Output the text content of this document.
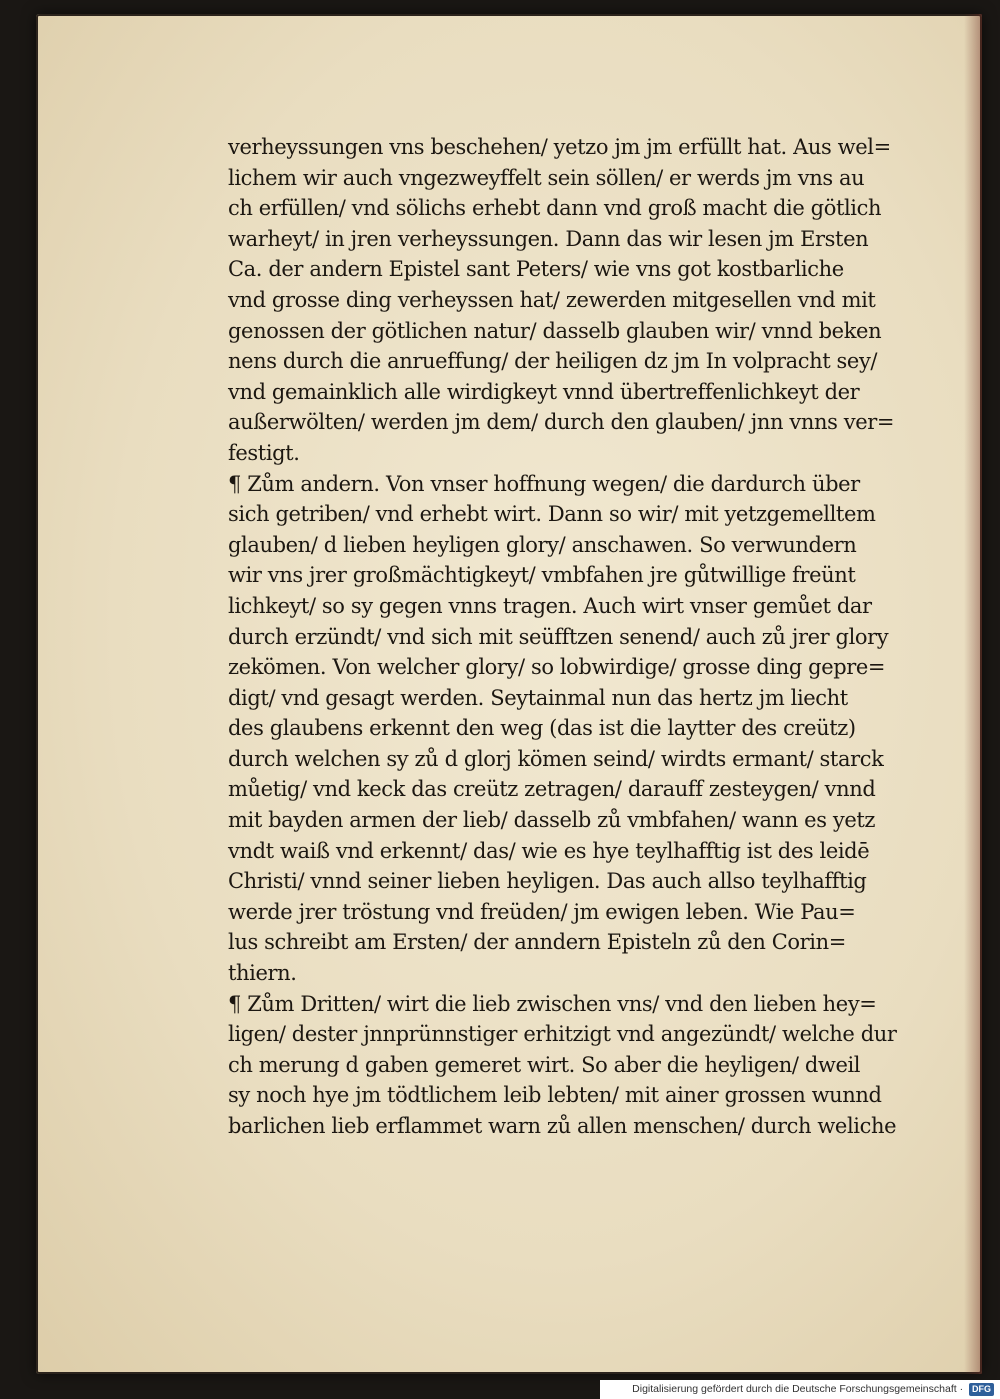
verheyssungen vns beschehen/ yetzo jm jm erfüllt hat. Aus wel=
lichem wir auch vngezweyffelt sein söllen/ er werds jm vns au
ch erfüllen/ vnd sölichs erhebt dann vnd groß macht die götlich
warheyt/ in jren verheyssungen. Dann das wir lesen jm Ersten
Ca. der andern Epistel sant Peters/ wie vns got kostbarliche
vnd grosse ding verheyssen hat/ zewerden mitgesellen vnd mit
genossen der götlichen natur/ dasselb glauben wir/ vnnd beken
nens durch die anrueffung/ der heiligen dz jm In volpracht sey/
vnd gemainklich alle wirdigkeyt vnnd übertreffenlichkeyt der
außerwölten/ werden jm dem/ durch den glauben/ jnn vnns ver=
festigt.
¶ Zům andern. Von vnser hoffnung wegen/ die dardurch über
sich getriben/ vnd erhebt wirt. Dann so wir/ mit yetzgemelltem
glauben/ d lieben heyligen glory/ anschawen. So verwundern
wir vns jrer großmächtigkeyt/ vmbfahen jre gůtwillige freünt
lichkeyt/ so sy gegen vnns tragen. Auch wirt vnser gemůet dar
durch erzündt/ vnd sich mit seüfftzen senend/ auch zů jrer glory
zekömen. Von welcher glory/ so lobwirdige/ grosse ding gepre=
digt/ vnd gesagt werden. Seytainmal nun das hertz jm liecht
des glaubens erkennt den weg (das ist die laytter des creütz)
durch welchen sy zů d glorj kömen seind/ wirdts ermant/ starck
můetig/ vnd keck das creütz zetragen/ darauff zesteygen/ vnnd
mit bayden armen der lieb/ dasselb zů vmbfahen/ wann es yetz
vndt waiß vnd erkennt/ das/ wie es hye teylhafftig ist des leidē
Christi/ vnnd seiner lieben heyligen. Das auch allso teylhafftig
werde jrer tröstung vnd freüden/ jm ewigen leben. Wie Pau=
lus schreibt am Ersten/ der anndern Episteln zů den Corin=
thiern.
¶ Zům Dritten/ wirt die lieb zwischen vns/ vnd den lieben hey=
ligen/ dester jnnprünnstiger erhitzigt vnd angezündt/ welche dur
ch merung d gaben gemeret wirt. So aber die heyligen/ dweil
sy noch hye jm tödtlichem leib lebten/ mit ainer grossen wunnd
barlichen lieb erflammet warn zů allen menschen/ durch weliche
Digitalisierung gefördert durch die Deutsche Forschungsgemeinschaft · DFG
